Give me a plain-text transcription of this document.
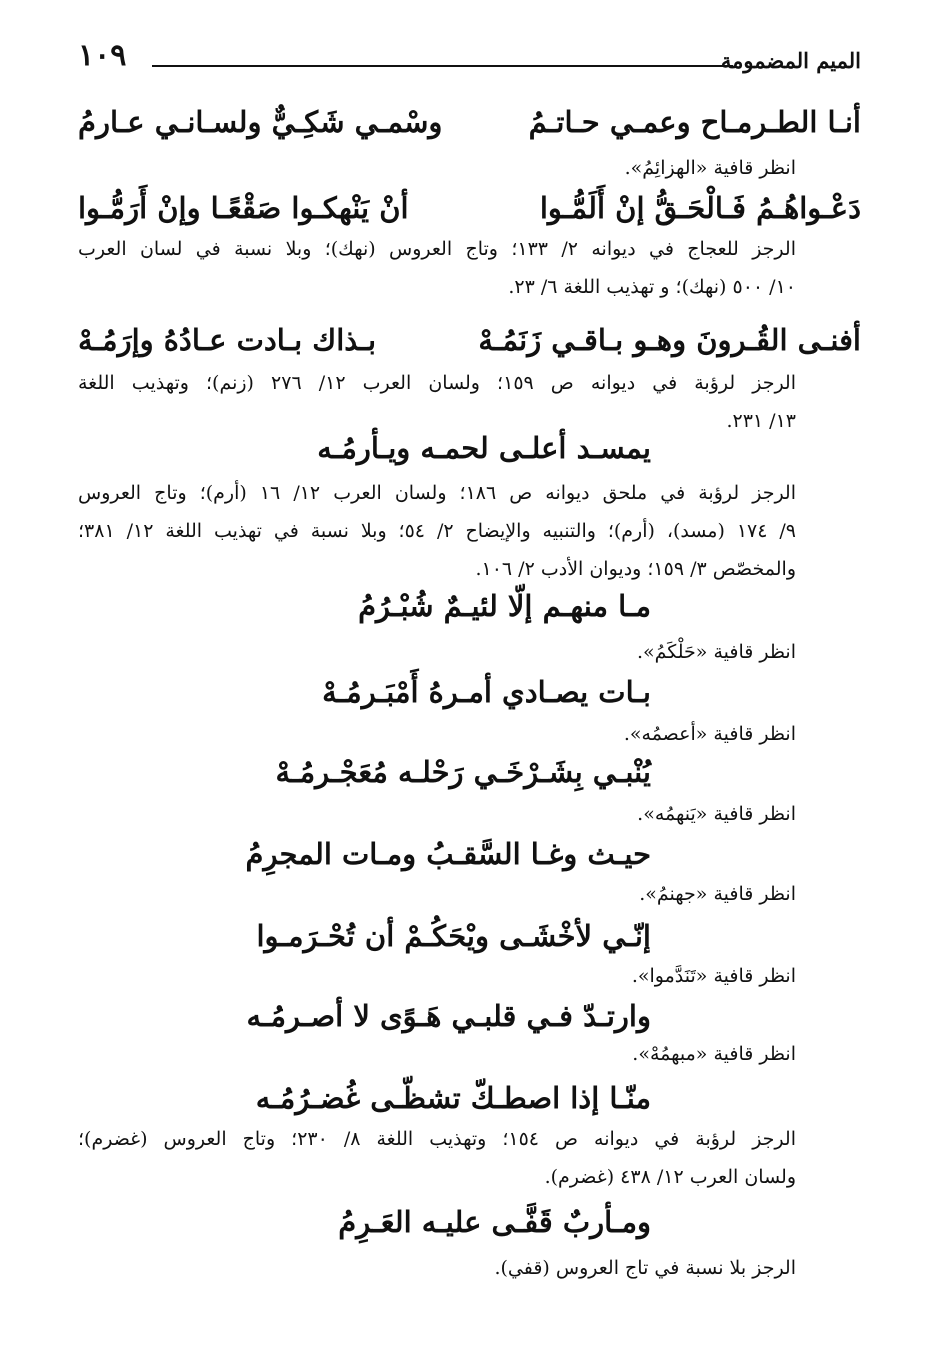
الميم المضمومة
١٠٩
أنـا الطـرمـاح وعمـي حـاتـمُ
وسْمـي شَكِـيٌّ ولسـانـي عـارمُ
انظر قافية «الهزائِمُ».
دَعْـواهُـمُ فَـالْحَـقُّ إنْ أَلَمُّـوا
أنْ يَنْهكـوا صَقْعًـا وإنْ أَرَمُّـوا
الرجز للعجاج في ديوانه ٢/ ١٣٣؛ وتاج العروس (نهك)؛ وبلا نسبة في لسان العرب
١٠/ ٥٠٠ (نهك)؛ و تهذيب اللغة ٦/ ٢٣.
أفنـى القُـرونَ وهـو بـاقـي زَنَمُـهْ
بـذاك بـادت عـادُهُ وإرَمُـهْ
الرجز لرؤبة في ديوانه ص ١٥٩؛ ولسان العرب ١٢/ ٢٧٦ (زنم)؛ وتهذيب اللغة
١٣/ ٢٣١.
يمسـد أعلـى لحمـه ويـأرمُـه
الرجز لرؤبة في ملحق ديوانه ص ١٨٦؛ ولسان العرب ١٢/ ١٦ (أرم)؛ وتاج العروس
٩/ ١٧٤ (مسد)، (أرم)؛ والتنبيه والإيضاح ٢/ ٥٤؛ وبلا نسبة في تهذيب اللغة ١٢/ ٣٨١؛
والمخصّص ٣/ ١٥٩؛ وديوان الأدب ٢/ ١٠٦.
مـا منهـم إلّا لئيـمٌ شُبْـرُمُ
انظر قافية «حَلْكَمُ».
بـات يصـادي أمـرهُ أَمْبَـرمُـهْ
انظر قافية «أعصمُه».
يُنْبـي بِشَـرْخَـي رَحْلـه مُعَجْـرمُـهْ
انظر قافية «يَنهمُه».
حيـث وغـا السَّقـبُ ومـات المجرِمُ
انظر قافية «جهنمُ».
إنّـي لأخْشَـى ويْحَكُـمْ أن تُحْـرَمـوا
انظر قافية «تَنَدَّموا».
وارتـدّ فـي قلبـي هَـوًى لا أصـرمُـه
انظر قافية «مبهمُهْ».
منّـا إذا اصطـكّ تشظّـى غُضـرُمُـه
الرجز لرؤبة في ديوانه ص ١٥٤؛ وتهذيب اللغة ٨/ ٢٣٠؛ وتاج العروس (غضرم)؛
ولسان العرب ١٢/ ٤٣٨ (غضرم).
ومـأربٌ قَفَّـى عليـه العَـرِمُ
الرجز بلا نسبة في تاج العروس (قفي).
